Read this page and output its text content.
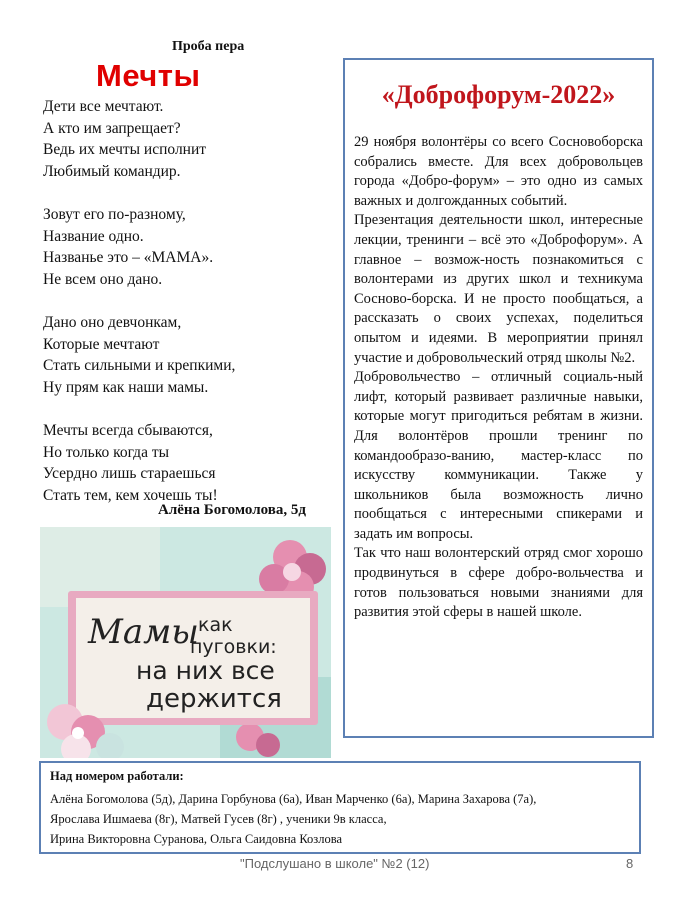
Проба пера
Мечты
Дети все мечтают.
А кто им запрещает?
Ведь их мечты исполнит
Любимый командир.
Зовут его по-разному,
Название одно.
Названье это – «МАМА».
Не всем оно дано.
Дано оно девчонкам,
Которые мечтают
Стать сильными и крепкими,
Ну прям как наши мамы.
Мечты всегда сбываются,
Но только когда ты
Усердно лишь стараешься
Стать тем, кем хочешь ты!
Алёна Богомолова, 5д
Мамы как
пуговки:
на них все
держится
«Доброфорум-2022»

29 ноября волонтёры со всего Сосновоборска собрались вместе. Для всех добровольцев города «Добро-форум» – это одно из самых важных и долгожданных событий.

Презентация деятельности школ, интересные лекции, тренинги – всё это «Доброфорум». А главное – возмож-ность познакомиться с волонтерами из других школ и техникума Сосново-борска. И не просто пообщаться, а рассказать о своих успехах, поделиться опытом и идеями. В мероприятии принял участие и добровольческий отряд школы №2.

Добровольчество – отличный социаль-ный лифт, который развивает различные навыки, которые могут пригодиться ребятам в жизни. Для волонтёров прошли тренинг по командообразо-ванию, мастер-класс по искусству коммуникации. Также у школьников была возможность лично пообщаться с интересными спикерами и задать им вопросы.

Так что наш волонтерский отряд смог хорошо продвинуться в сфере добро-вольчества и готов пользоваться новыми знаниями для развития этой сферы в нашей школе.

Над номером работали:
Алёна Богомолова (5д), Дарина Горбунова (6а), Иван Марченко (6а), Марина Захарова (7а),
Ярослава Ишмаева (8г), Матвей Гусев (8г) , ученики 9в класса,
Ирина Викторовна Суранова, Ольга Саидовна Козлова
"Подслушано в школе" №2 (12)	8
